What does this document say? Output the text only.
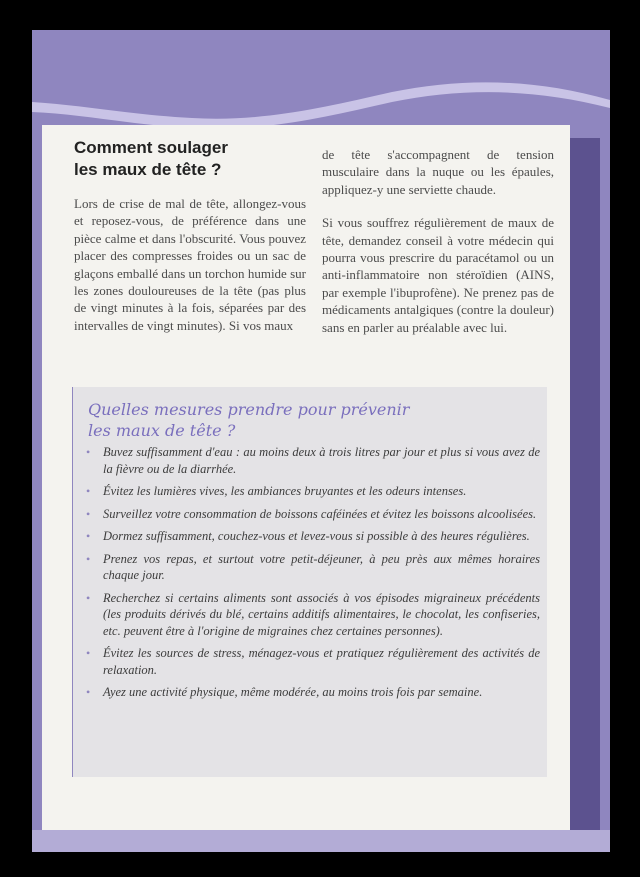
Comment soulager
les maux de tête ?

Lors de crise de mal de tête, allongez-vous et reposez-vous, de préférence dans une pièce calme et dans l'obscurité. Vous pouvez placer des compresses froides ou un sac de glaçons emballé dans un torchon humide sur les zones douloureuses de la tête (pas plus de vingt minutes à la fois, séparées par des intervalles de vingt minutes). Si vos maux

de tête s'accompagnent de tension musculaire dans la nuque ou les épaules, appliquez-y une serviette chaude.

Si vous souffrez régulièrement de maux de tête, demandez conseil à votre médecin qui pourra vous prescrire du paracétamol ou un anti-inflammatoire non stéroïdien (AINS, par exemple l'ibuprofène). Ne prenez pas de médicaments antalgiques (contre la douleur) sans en parler au préalable avec lui.

Quelles mesures prendre pour prévenir
les maux de tête ?
• Buvez suffisamment d'eau : au moins deux à trois litres par jour et plus si vous avez de la fièvre ou de la diarrhée.
• Évitez les lumières vives, les ambiances bruyantes et les odeurs intenses.
• Surveillez votre consommation de boissons caféinées et évitez les boissons alcoolisées.
• Dormez suffisamment, couchez-vous et levez-vous si possible à des heures régulières.
• Prenez vos repas, et surtout votre petit-déjeuner, à peu près aux mêmes horaires chaque jour.
• Recherchez si certains aliments sont associés à vos épisodes migraineux précédents (les produits dérivés du blé, certains additifs alimentaires, le chocolat, les confiseries, etc. peuvent être à l'origine de migraines chez certaines personnes).
• Évitez les sources de stress, ménagez-vous et pratiquez régulièrement des activités de relaxation.
• Ayez une activité physique, même modérée, au moins trois fois par semaine.
